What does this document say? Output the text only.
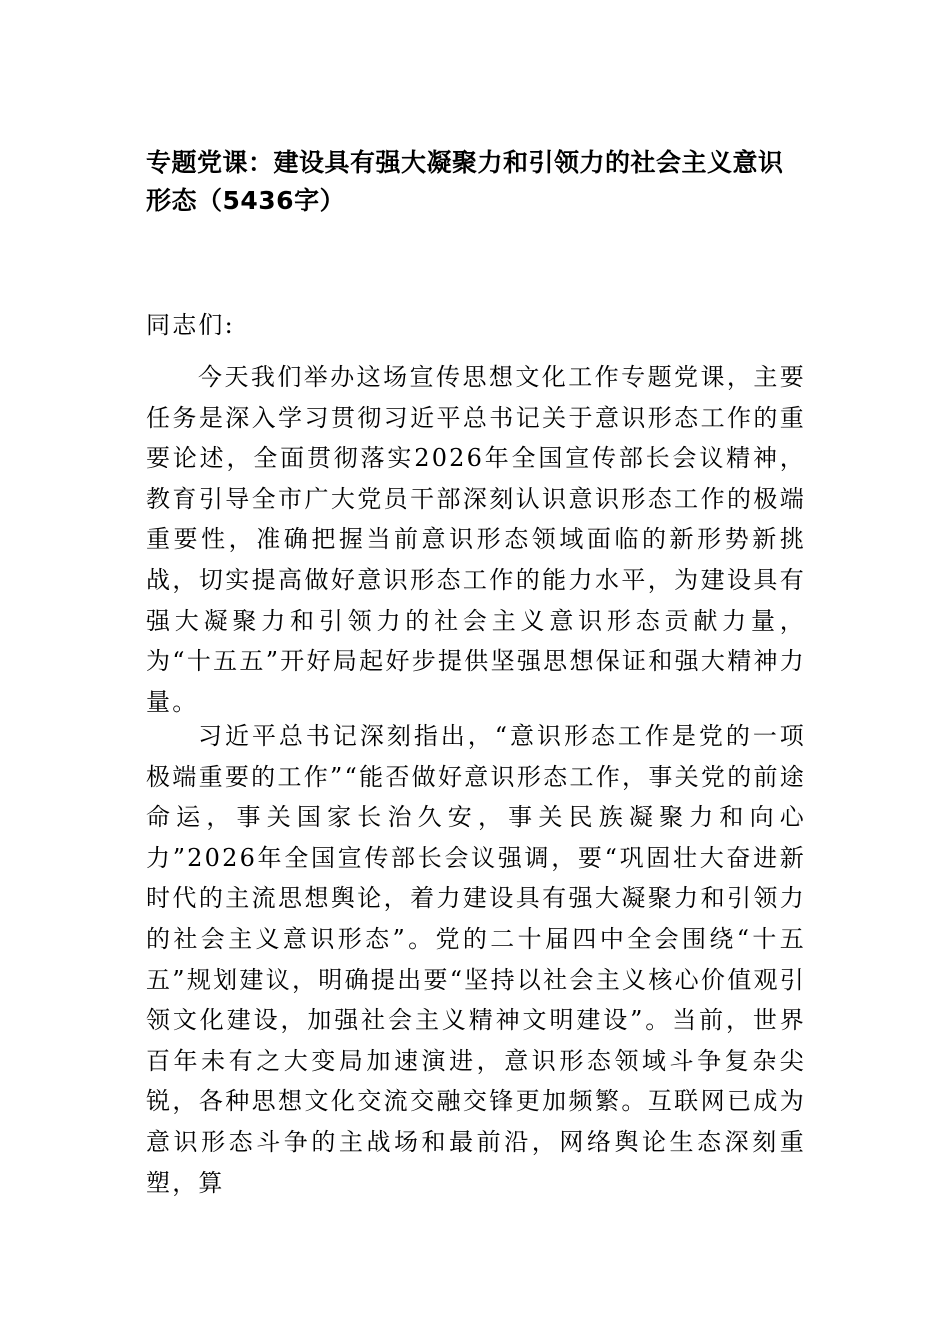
专题党课：建设具有强大凝聚力和引领力的社会主义意识形态（5436字）

同志们:

今天我们举办这场宣传思想文化工作专题党课，主要任务是深入学习贯彻习近平总书记关于意识形态工作的重要论述，全面贯彻落实2026年全国宣传部长会议精神，教育引导全市广大党员干部深刻认识意识形态工作的极端重要性，准确把握当前意识形态领域面临的新形势新挑战，切实提高做好意识形态工作的能力水平，为建设具有强大凝聚力和引领力的社会主义意识形态贡献力量，为“十五五”开好局起好步提供坚强思想保证和强大精神力量。

习近平总书记深刻指出，“意识形态工作是党的一项极端重要的工作”“能否做好意识形态工作，事关党的前途命运，事关国家长治久安，事关民族凝聚力和向心力”2026年全国宣传部长会议强调，要“巩固壮大奋进新时代的主流思想舆论，着力建设具有强大凝聚力和引领力的社会主义意识形态”。党的二十届四中全会围绕“十五五”规划建议，明确提出要“坚持以社会主义核心价值观引领文化建设，加强社会主义精神文明建设”。当前，世界百年未有之大变局加速演进，意识形态领域斗争复杂尖锐，各种思想文化交流交融交锋更加频繁。互联网已成为意识形态斗争的主战场和最前沿，网络舆论生态深刻重塑，算
